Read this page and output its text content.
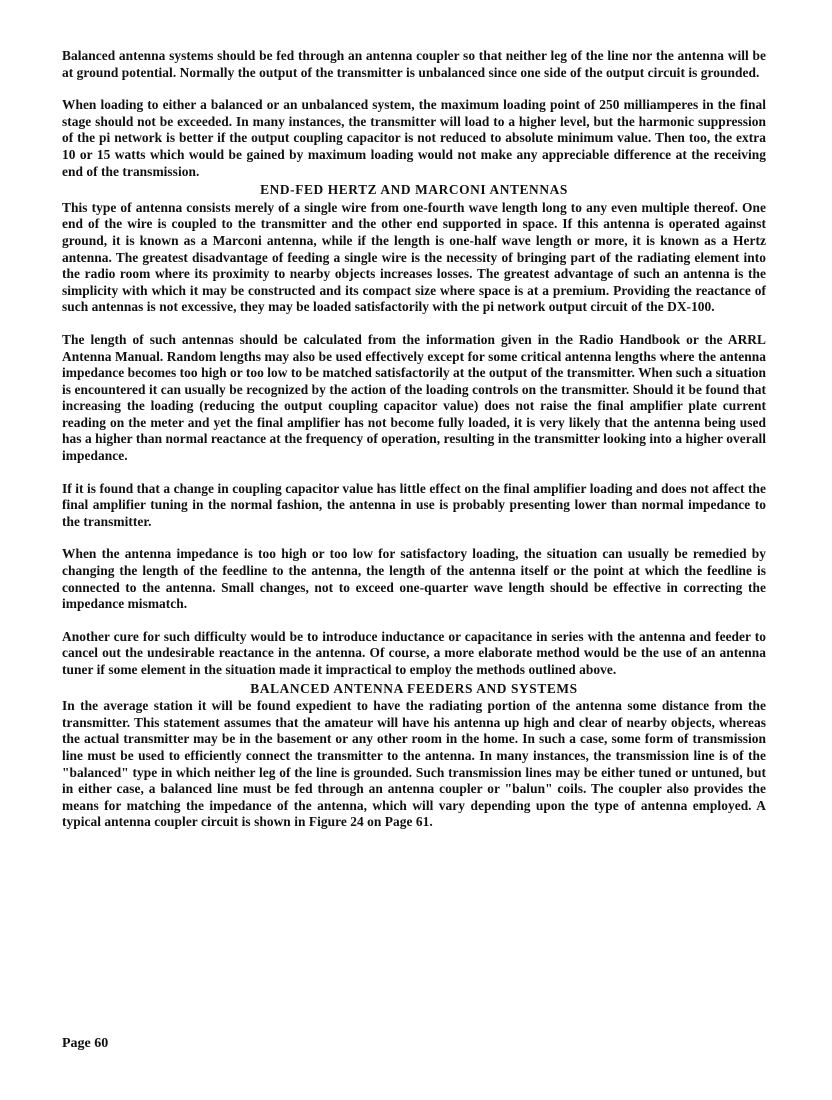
Balanced antenna systems should be fed through an antenna coupler so that neither leg of the line nor the antenna will be at ground potential. Normally the output of the transmitter is unbalanced since one side of the output circuit is grounded.

When loading to either a balanced or an unbalanced system, the maximum loading point of 250 milliamperes in the final stage should not be exceeded. In many instances, the transmitter will load to a higher level, but the harmonic suppression of the pi network is better if the output coupling capacitor is not reduced to absolute minimum value. Then too, the extra 10 or 15 watts which would be gained by maximum loading would not make any appreciable difference at the receiving end of the transmission.

END-FED HERTZ AND MARCONI ANTENNAS

This type of antenna consists merely of a single wire from one-fourth wave length long to any even multiple thereof. One end of the wire is coupled to the transmitter and the other end supported in space. If this antenna is operated against ground, it is known as a Marconi antenna, while if the length is one-half wave length or more, it is known as a Hertz antenna. The greatest disadvantage of feeding a single wire is the necessity of bringing part of the radiating element into the radio room where its proximity to nearby objects increases losses. The greatest advantage of such an antenna is the simplicity with which it may be constructed and its compact size where space is at a premium. Providing the reactance of such antennas is not excessive, they may be loaded satisfactorily with the pi network output circuit of the DX-100.

The length of such antennas should be calculated from the information given in the Radio Handbook or the ARRL Antenna Manual. Random lengths may also be used effectively except for some critical antenna lengths where the antenna impedance becomes too high or too low to be matched satisfactorily at the output of the transmitter. When such a situation is encountered it can usually be recognized by the action of the loading controls on the transmitter. Should it be found that increasing the loading (reducing the output coupling capacitor value) does not raise the final amplifier plate current reading on the meter and yet the final amplifier has not become fully loaded, it is very likely that the antenna being used has a higher than normal reactance at the frequency of operation, resulting in the transmitter looking into a higher overall impedance.

If it is found that a change in coupling capacitor value has little effect on the final amplifier loading and does not affect the final amplifier tuning in the normal fashion, the antenna in use is probably presenting lower than normal impedance to the transmitter.

When the antenna impedance is too high or too low for satisfactory loading, the situation can usually be remedied by changing the length of the feedline to the antenna, the length of the antenna itself or the point at which the feedline is connected to the antenna. Small changes, not to exceed one-quarter wave length should be effective in correcting the impedance mismatch.

Another cure for such difficulty would be to introduce inductance or capacitance in series with the antenna and feeder to cancel out the undesirable reactance in the antenna. Of course, a more elaborate method would be the use of an antenna tuner if some element in the situation made it impractical to employ the methods outlined above.

BALANCED ANTENNA FEEDERS AND SYSTEMS

In the average station it will be found expedient to have the radiating portion of the antenna some distance from the transmitter. This statement assumes that the amateur will have his antenna up high and clear of nearby objects, whereas the actual transmitter may be in the basement or any other room in the home. In such a case, some form of transmission line must be used to efficiently connect the transmitter to the antenna. In many instances, the transmission line is of the "balanced" type in which neither leg of the line is grounded. Such transmission lines may be either tuned or untuned, but in either case, a balanced line must be fed through an antenna coupler or "balun" coils. The coupler also provides the means for matching the impedance of the antenna, which will vary depending upon the type of antenna employed. A typical antenna coupler circuit is shown in Figure 24 on Page 61.

Page 60
